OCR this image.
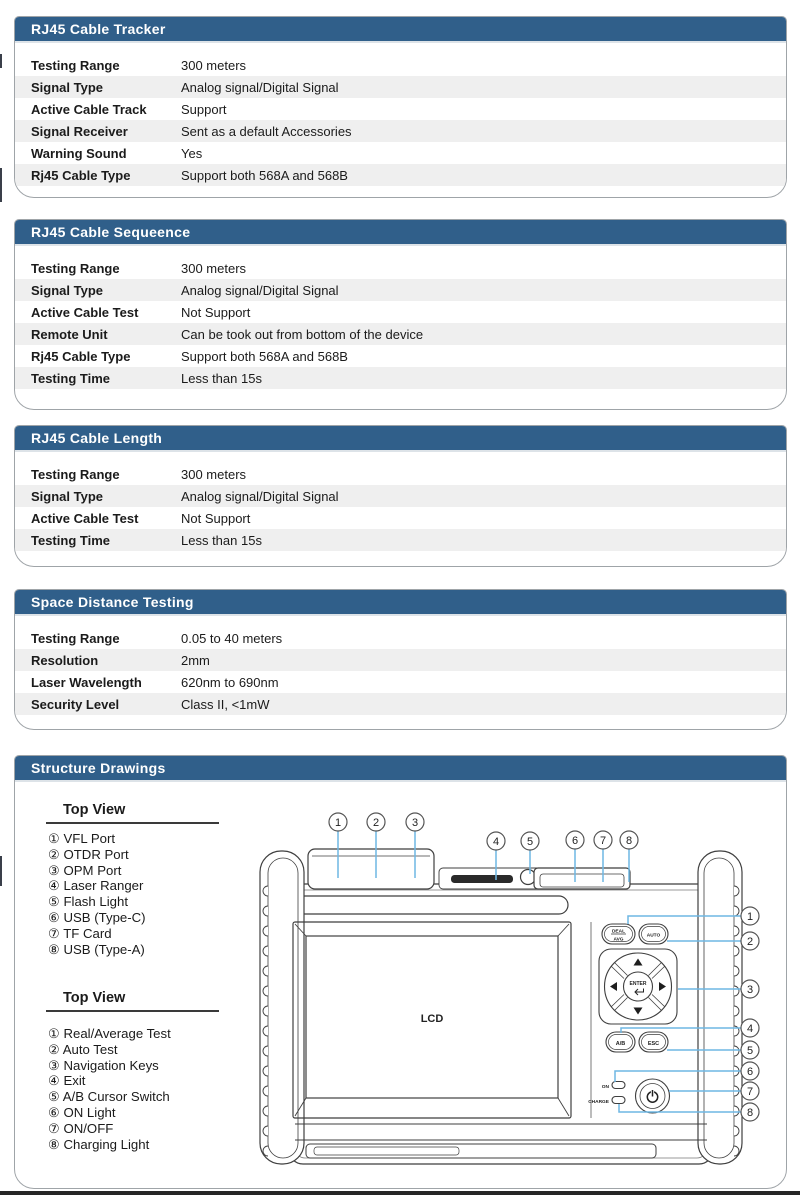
RJ45 Cable Tracker
Testing Range	300 meters
Signal Type	Analog signal/Digital Signal
Active Cable Track	Support
Signal Receiver	Sent as a default Accessories
Warning Sound	Yes
Rj45 Cable Type	Support both 568A and 568B
RJ45 Cable Sequeence
Testing Range	300 meters
Signal Type	Analog signal/Digital Signal
Active Cable Test	Not Support
Remote Unit	Can be took out from bottom of the device
Rj45 Cable Type	Support both 568A and 568B
Testing Time	Less than 15s
RJ45 Cable Length
Testing Range	300 meters
Signal Type	Analog signal/Digital Signal
Active Cable Test	Not Support
Testing Time	Less than 15s
Space Distance Testing
Testing Range	0.05 to 40 meters
Resolution	2mm
Laser Wavelength	620nm to 690nm
Security Level	Class II, <1mW
Structure Drawings
Top View
① VFL Port
② OTDR Port
③ OPM Port
④ Laser Ranger
⑤ Flash Light
⑥ USB (Type-C)
⑦ TF Card
⑧ USB (Type-A)
Top View
① Real/Average Test
② Auto Test
③ Navigation Keys
④ Exit
⑤ A/B Cursor Switch
⑥ ON Light
⑦ ON/OFF
⑧ Charging Light
LCD
DEAL
AVG
AUTO
ENTER
A/B	ESC
ON
CHARGE
1	2	3
4	5	6 7 8
1
2
3
4
5
6
7
8
